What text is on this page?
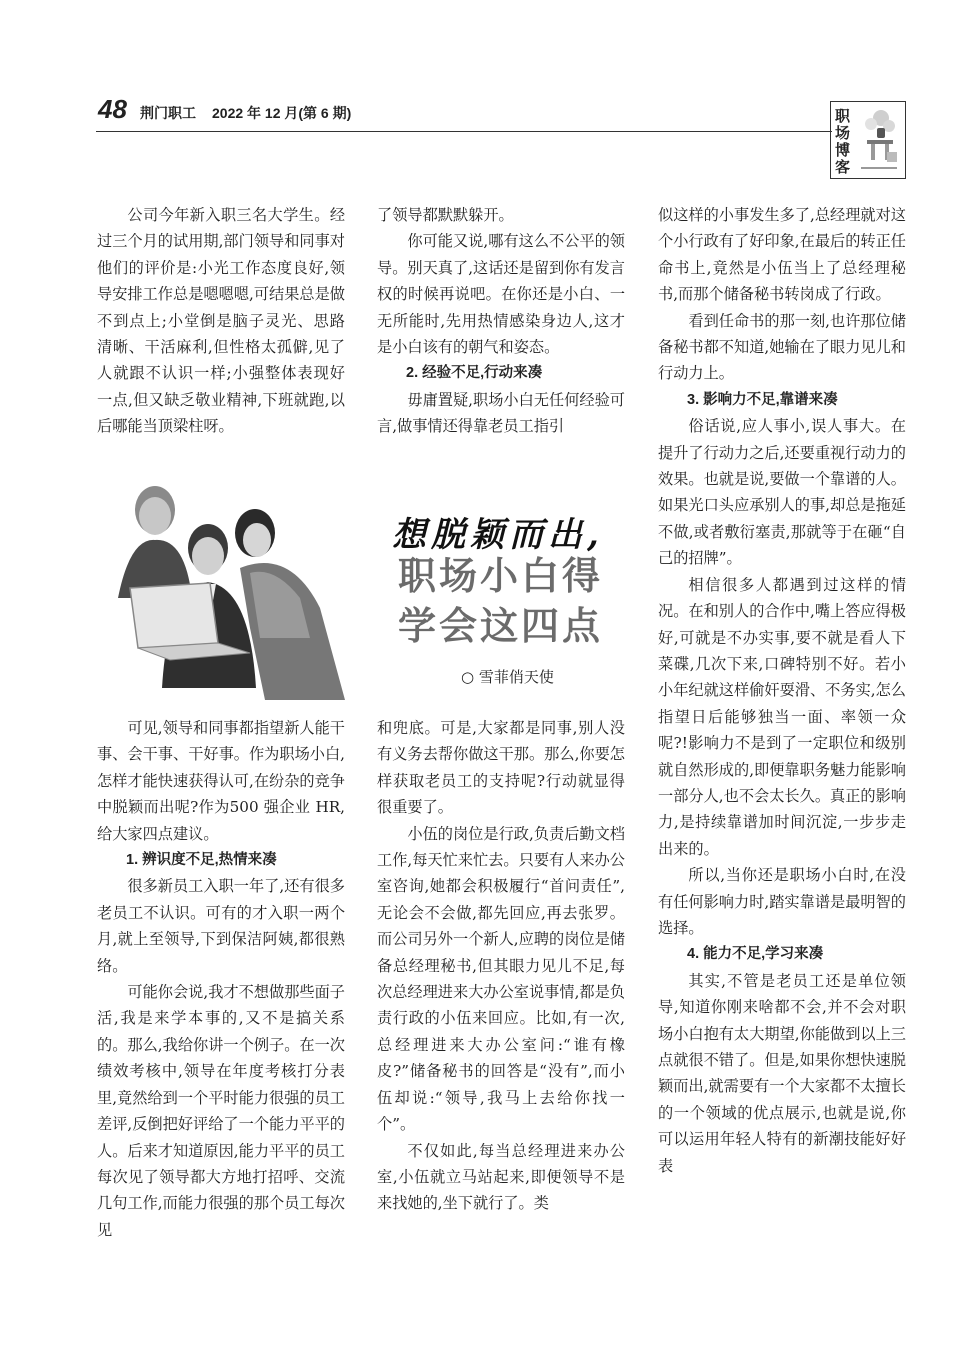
48 荆门职工 2022 年 12 月(第 6 期)	职场博客

公司今年新入职三名大学生。经过三个月的试用期,部门领导和同事对他们的评价是:小光工作态度良好,领导安排工作总是嗯嗯嗯,可结果总是做不到点上;小堂倒是脑子灵光、思路清晰、干活麻利,但性格太孤僻,见了人就跟不认识一样;小强整体表现好一点,但又缺乏敬业精神,下班就跑,以后哪能当顶梁柱呀。

可见,领导和同事都指望新人能干事、会干事、干好事。作为职场小白,怎样才能快速获得认可,在纷杂的竞争中脱颖而出呢?作为500 强企业 HR,给大家四点建议。

1. 辨识度不足,热情来凑

很多新员工入职一年了,还有很多老员工不认识。可有的才入职一两个月,就上至领导,下到保洁阿姨,都很熟络。

可能你会说,我才不想做那些面子活,我是来学本事的,又不是搞关系的。那么,我给你讲一个例子。在一次绩效考核中,领导在年度考核打分表里,竟然给到一个平时能力很强的员工差评,反倒把好评给了一个能力平平的人。后来才知道原因,能力平平的员工每次见了领导都大方地打招呼、交流几句工作,而能力很强的那个员工每次见

了领导都默默躲开。

你可能又说,哪有这么不公平的领导。别天真了,这话还是留到你有发言权的时候再说吧。在你还是小白、一无所能时,先用热情感染身边人,这才是小白该有的朝气和姿态。

2. 经验不足,行动来凑

毋庸置疑,职场小白无任何经验可言,做事情还得靠老员工指引

想脱颖而出,
职场小白得
学会这四点
○ 雪菲俏天使

和兜底。可是,大家都是同事,别人没有义务去帮你做这干那。那么,你要怎样获取老员工的支持呢?行动就显得很重要了。

小伍的岗位是行政,负责后勤文档工作,每天忙来忙去。只要有人来办公室咨询,她都会积极履行“首问责任”,无论会不会做,都先回应,再去张罗。而公司另外一个新人,应聘的岗位是储备总经理秘书,但其眼力见儿不足,每次总经理进来大办公室说事情,都是负责行政的小伍来回应。比如,有一次,总经理进来大办公室问:“谁有橡皮?”储备秘书的回答是“没有”,而小伍却说:“领导,我马上去给你找一个”。

不仅如此,每当总经理进来办公室,小伍就立马站起来,即便领导不是来找她的,坐下就行了。类

似这样的小事发生多了,总经理就对这个小行政有了好印象,在最后的转正任命书上,竟然是小伍当上了总经理秘书,而那个储备秘书转岗成了行政。

看到任命书的那一刻,也许那位储备秘书都不知道,她输在了眼力见儿和行动力上。

3. 影响力不足,靠谱来凑

俗话说,应人事小,误人事大。在提升了行动力之后,还要重视行动力的效果。也就是说,要做一个靠谱的人。如果光口头应承别人的事,却总是拖延不做,或者敷衍塞责,那就等于在砸“自己的招牌”。

相信很多人都遇到过这样的情况。在和别人的合作中,嘴上答应得极好,可就是不办实事,要不就是看人下菜碟,几次下来,口碑特别不好。若小小年纪就这样偷奸耍滑、不务实,怎么指望日后能够独当一面、率领一众呢?!影响力不是到了一定职位和级别就自然形成的,即便靠职务魅力能影响一部分人,也不会太长久。真正的影响力,是持续靠谱加时间沉淀,一步步走出来的。

所以,当你还是职场小白时,在没有任何影响力时,踏实靠谱是最明智的选择。

4. 能力不足,学习来凑

其实,不管是老员工还是单位领导,知道你刚来啥都不会,并不会对职场小白抱有太大期望,你能做到以上三点就很不错了。但是,如果你想快速脱颖而出,就需要有一个大家都不太擅长的一个领域的优点展示,也就是说,你可以运用年轻人特有的新潮技能好好表
